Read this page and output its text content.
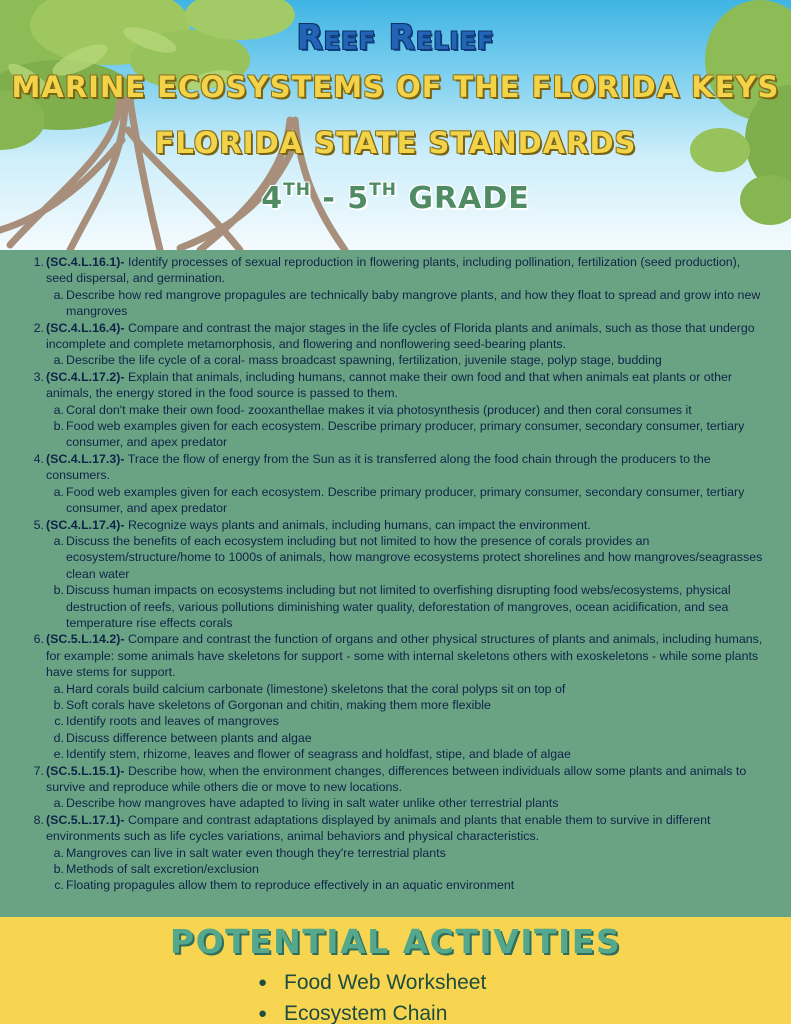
Reef Relief
MARINE ECOSYSTEMS OF THE FLORIDA KEYS
FLORIDA STATE STANDARDS
4TH - 5TH GRADE
1. (SC.4.L.16.1)- Identify processes of sexual reproduction in flowering plants, including pollination, fertilization (seed production), seed dispersal, and germination.
a. Describe how red mangrove propagules are technically baby mangrove plants, and how they float to spread and grow into new mangroves
2. (SC.4.L.16.4)- Compare and contrast the major stages in the life cycles of Florida plants and animals, such as those that undergo incomplete and complete metamorphosis, and flowering and nonflowering seed-bearing plants.
a. Describe the life cycle of a coral- mass broadcast spawning, fertilization, juvenile stage, polyp stage, budding
3. (SC.4.L.17.2)- Explain that animals, including humans, cannot make their own food and that when animals eat plants or other animals, the energy stored in the food source is passed to them.
a. Coral don't make their own food- zooxanthellae makes it via photosynthesis (producer) and then coral consumes it
b. Food web examples given for each ecosystem. Describe primary producer, primary consumer, secondary consumer, tertiary consumer, and apex predator
4. (SC.4.L.17.3)- Trace the flow of energy from the Sun as it is transferred along the food chain through the producers to the consumers.
a. Food web examples given for each ecosystem. Describe primary producer, primary consumer, secondary consumer, tertiary consumer, and apex predator
5. (SC.4.L.17.4)- Recognize ways plants and animals, including humans, can impact the environment.
a. Discuss the benefits of each ecosystem including but not limited to how the presence of corals provides an ecosystem/structure/home to 1000s of animals, how mangrove ecosystems protect shorelines and how mangroves/seagrasses clean water
b. Discuss human impacts on ecosystems including but not limited to overfishing disrupting food webs/ecosystems, physical destruction of reefs, various pollutions diminishing water quality, deforestation of mangroves, ocean acidification, and sea temperature rise effects corals
6. (SC.5.L.14.2)- Compare and contrast the function of organs and other physical structures of plants and animals, including humans, for example: some animals have skeletons for support - some with internal skeletons others with exoskeletons - while some plants have stems for support.
a. Hard corals build calcium carbonate (limestone) skeletons that the coral polyps sit on top of
b. Soft corals have skeletons of Gorgonan and chitin, making them more flexible
c. Identify roots and leaves of mangroves
d. Discuss difference between plants and algae
e. Identify stem, rhizome, leaves and flower of seagrass and holdfast, stipe, and blade of algae
7. (SC.5.L.15.1)- Describe how, when the environment changes, differences between individuals allow some plants and animals to survive and reproduce while others die or move to new locations.
a. Describe how mangroves have adapted to living in salt water unlike other terrestrial plants
8. (SC.5.L.17.1)- Compare and contrast adaptations displayed by animals and plants that enable them to survive in different environments such as life cycles variations, animal behaviors and physical characteristics.
a. Mangroves can live in salt water even though they're terrestrial plants
b. Methods of salt excretion/exclusion
c. Floating propagules allow them to reproduce effectively in an aquatic environment
POTENTIAL ACTIVITIES
● Food Web Worksheet
● Ecosystem Chain
